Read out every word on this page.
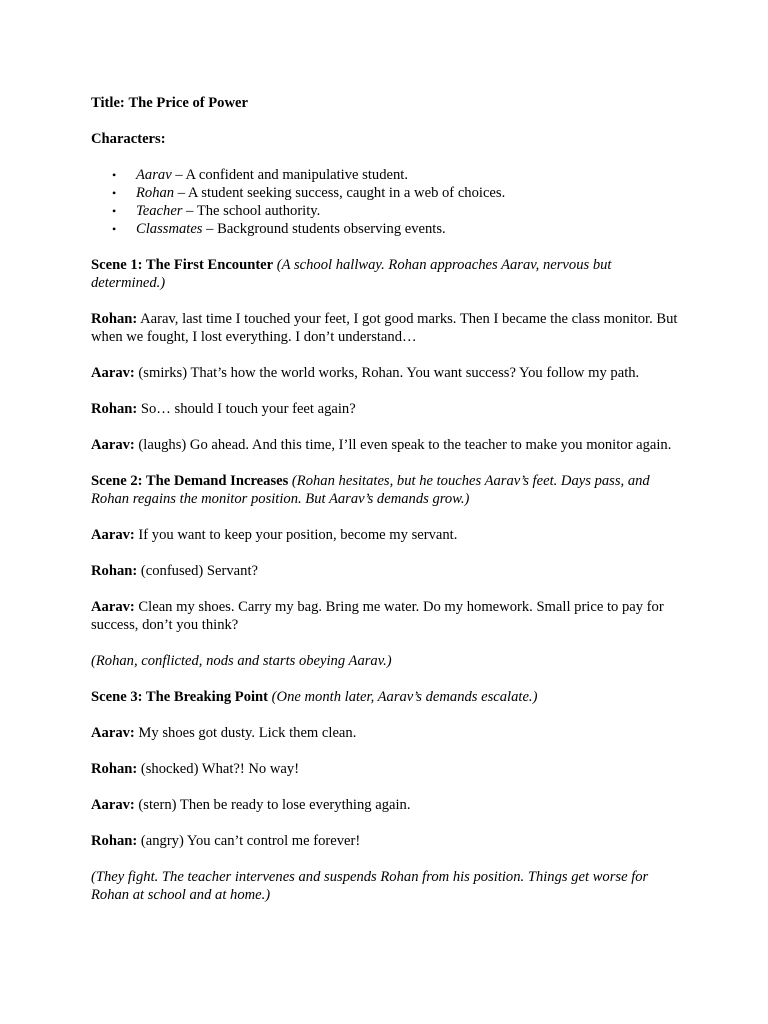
Title: The Price of Power

Characters:

• Aarav – A confident and manipulative student.
• Rohan – A student seeking success, caught in a web of choices.
• Teacher – The school authority.
• Classmates – Background students observing events.

Scene 1: The First Encounter (A school hallway. Rohan approaches Aarav, nervous but determined.)

Rohan: Aarav, last time I touched your feet, I got good marks. Then I became the class monitor. But when we fought, I lost everything. I don’t understand…

Aarav: (smirks) That’s how the world works, Rohan. You want success? You follow my path.

Rohan: So… should I touch your feet again?

Aarav: (laughs) Go ahead. And this time, I’ll even speak to the teacher to make you monitor again.

Scene 2: The Demand Increases (Rohan hesitates, but he touches Aarav’s feet. Days pass, and Rohan regains the monitor position. But Aarav’s demands grow.)

Aarav: If you want to keep your position, become my servant.

Rohan: (confused) Servant?

Aarav: Clean my shoes. Carry my bag. Bring me water. Do my homework. Small price to pay for success, don’t you think?

(Rohan, conflicted, nods and starts obeying Aarav.)

Scene 3: The Breaking Point (One month later, Aarav’s demands escalate.)

Aarav: My shoes got dusty. Lick them clean.

Rohan: (shocked) What?! No way!

Aarav: (stern) Then be ready to lose everything again.

Rohan: (angry) You can’t control me forever!

(They fight. The teacher intervenes and suspends Rohan from his position. Things get worse for Rohan at school and at home.)
